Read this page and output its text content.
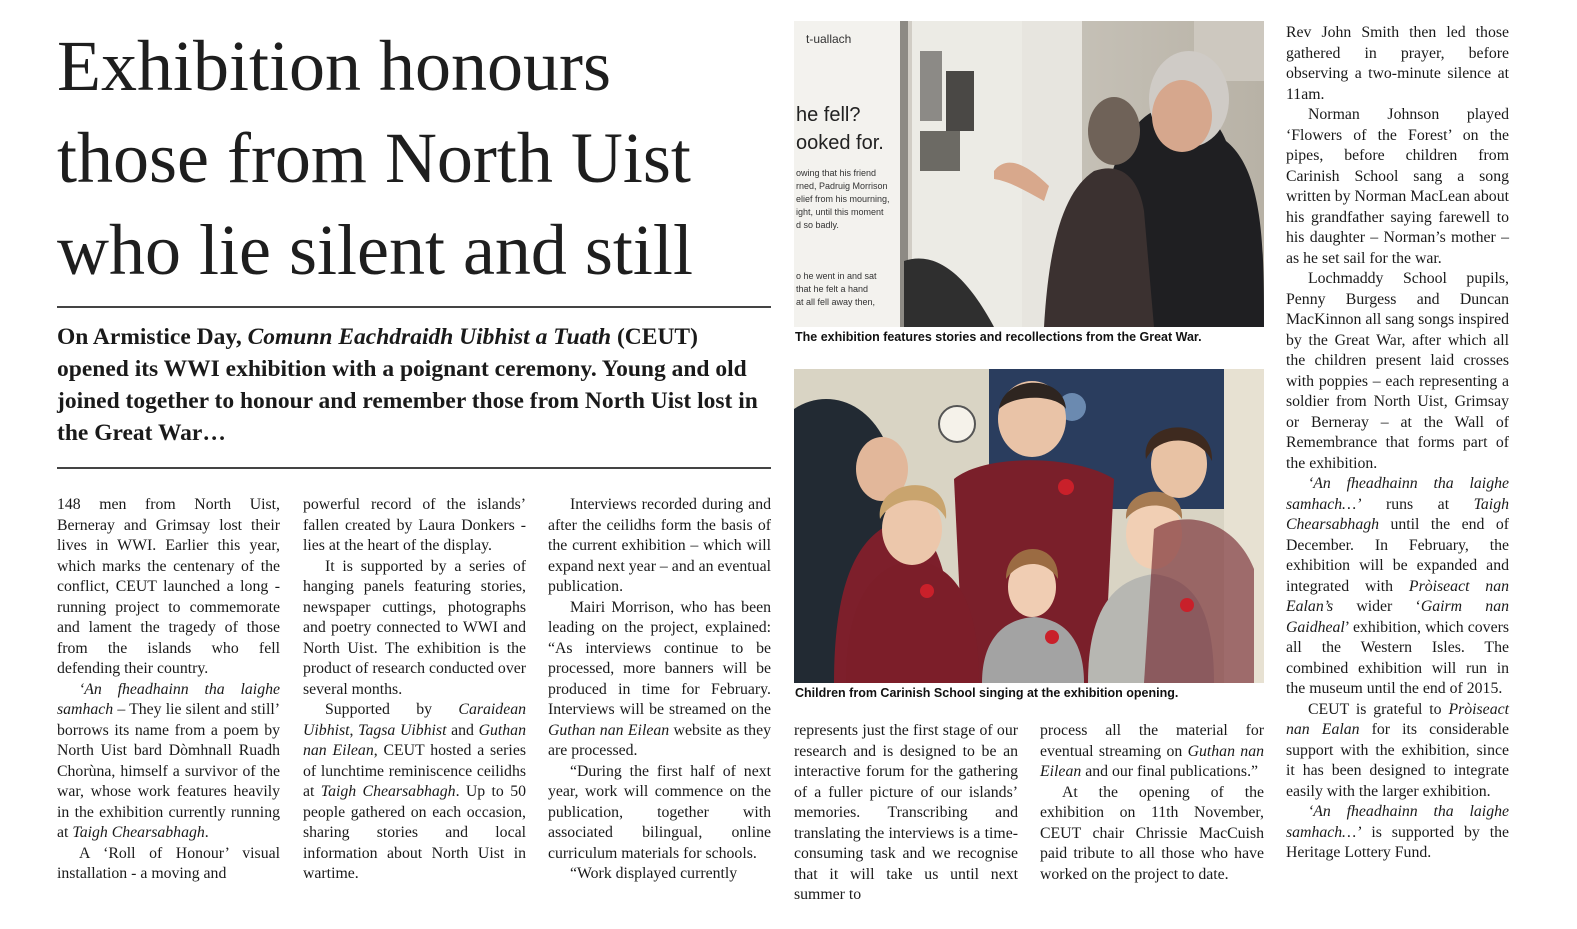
Exhibition honours those from North Uist who lie silent and still

On Armistice Day, Comunn Eachdraidh Uibhist a Tuath (CEUT) opened its WWI exhibition with a poignant ceremony. Young and old joined together to honour and remember those from North Uist lost in the Great War…

148 men from North Uist, Berneray and Grimsay lost their lives in WWI. Earlier this year, which marks the centenary of the conflict, CEUT launched a long -running project to commemorate and lament the tragedy of those from the islands who fell defending their country.

‘An fheadhainn tha laighe samhach – They lie silent and still’ borrows its name from a poem by North Uist bard Dòmhnall Ruadh Chorùna, himself a survivor of the war, whose work features heavily in the exhibition currently running at Taigh Chearsabhagh.

A ‘Roll of Honour’ visual installation - a moving and

powerful record of the islands’ fallen created by Laura Donkers - lies at the heart of the display.

It is supported by a series of hanging panels featuring stories, newspaper cuttings, photographs and poetry connected to WWI and North Uist. The exhibition is the product of research conducted over several months.

Supported by Caraidean Uibhist, Tagsa Uibhist and Guthan nan Eilean, CEUT hosted a series of lunchtime reminiscence ceilidhs at Taigh Chearsabhagh. Up to 50 people gathered on each occasion, sharing stories and local information about North Uist in wartime.

Interviews recorded during and after the ceilidhs form the basis of the current exhibition – which will expand next year – and an eventual publication.

Mairi Morrison, who has been leading on the project, explained: “As interviews continue to be processed, more banners will be produced in time for February. Interviews will be streamed on the Guthan nan Eilean website as they are processed.

“During the first half of next year, work will commence on the publication, together with associated bilingual, online curriculum materials for schools.

“Work displayed currently

t-uallach
he fell?
ooked for.
owing that his friend
rned, Padruig Morrison
elief from his mourning,
ight, until this moment
d so badly.
o he went in and sat
that he felt a hand
at all fell away then,

The exhibition features stories and recollections from the Great War.

Children from Carinish School singing at the exhibition opening.

represents just the first stage of our research and is designed to be an interactive forum for the gathering of a fuller picture of our islands’ memories. Transcribing and translating the interviews is a time-consuming task and we recognise that it will take us until next summer to

process all the material for eventual streaming on Guthan nan Eilean and our final publications.”

At the opening of the exhibition on 11th November, CEUT chair Chrissie MacCuish paid tribute to all those who have worked on the project to date.

Rev John Smith then led those gathered in prayer, before observing a two-minute silence at 11am.

Norman Johnson played ‘Flowers of the Forest’ on the pipes, before children from Carinish School sang a song written by Norman MacLean about his grandfather saying farewell to his daughter – Norman’s mother – as he set sail for the war.

Lochmaddy School pupils, Penny Burgess and Duncan MacKinnon all sang songs inspired by the Great War, after which all the children present laid crosses with poppies – each representing a soldier from North Uist, Grimsay or Berneray – at the Wall of Remembrance that forms part of the exhibition.

‘An fheadhainn tha laighe samhach…’ runs at Taigh Chearsabhagh until the end of December. In February, the exhibition will be expanded and integrated with Pròiseact nan Ealan’s wider ‘Gairm nan Gaidheal’ exhibition, which covers all the Western Isles. The combined exhibition will run in the museum until the end of 2015.

CEUT is grateful to Pròiseact nan Ealan for its considerable support with the exhibition, since it has been designed to integrate easily with the larger exhibition.

‘An fheadhainn tha laighe samhach…’ is supported by the Heritage Lottery Fund.
